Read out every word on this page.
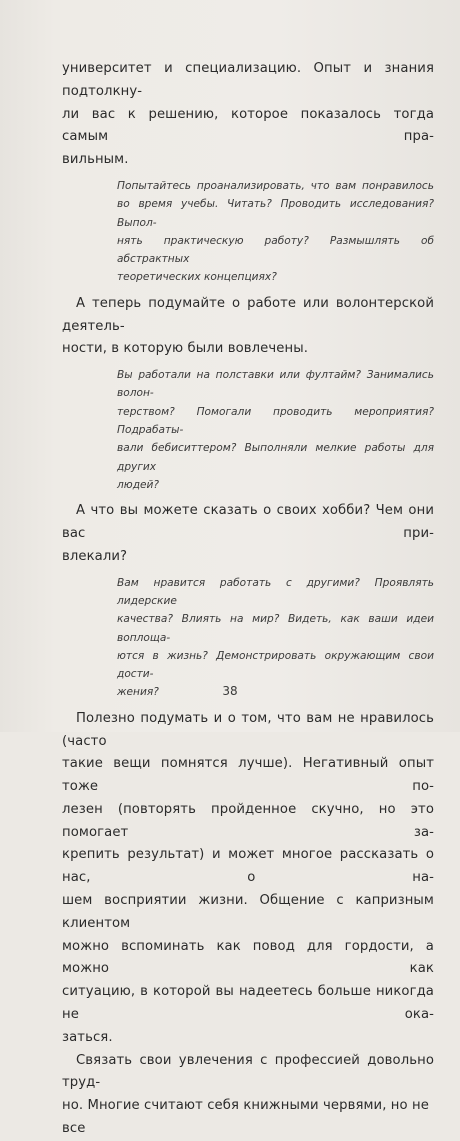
университет и специализацию. Опыт и знания подтолкну-
ли вас к решению, которое показалось тогда самым пра-
вильным.
Попытайтесь проанализировать, что вам понравилось
во время учебы. Читать? Проводить исследования? Выпол-
нять практическую работу? Размышлять об абстрактных
теоретических концепциях?
А теперь подумайте о работе или волонтерской деятель-
ности, в которую были вовлечены.
Вы работали на полставки или фултайм? Занимались волон-
терством? Помогали проводить мероприятия? Подрабаты-
вали бебиситтером? Выполняли мелкие работы для других
людей?
А что вы можете сказать о своих хобби? Чем они вас при-
влекали?
Вам нравится работать с другими? Проявлять лидерские
качества? Влиять на мир? Видеть, как ваши идеи воплоща-
ются в жизнь? Демонстрировать окружающим свои дости-
жения?
Полезно подумать и о том, что вам не нравилось (часто
такие вещи помнятся лучше). Негативный опыт тоже по-
лезен (повторять пройденное скучно, но это помогает за-
крепить результат) и может многое рассказать о нас, о на-
шем восприятии жизни. Общение с капризным клиентом
можно вспоминать как повод для гордости, а можно как
ситуацию, в которой вы надеетесь больше никогда не ока-
заться.
Связать свои увлечения с профессией довольно труд-
но. Многие считают себя книжными червями, но не все
38
